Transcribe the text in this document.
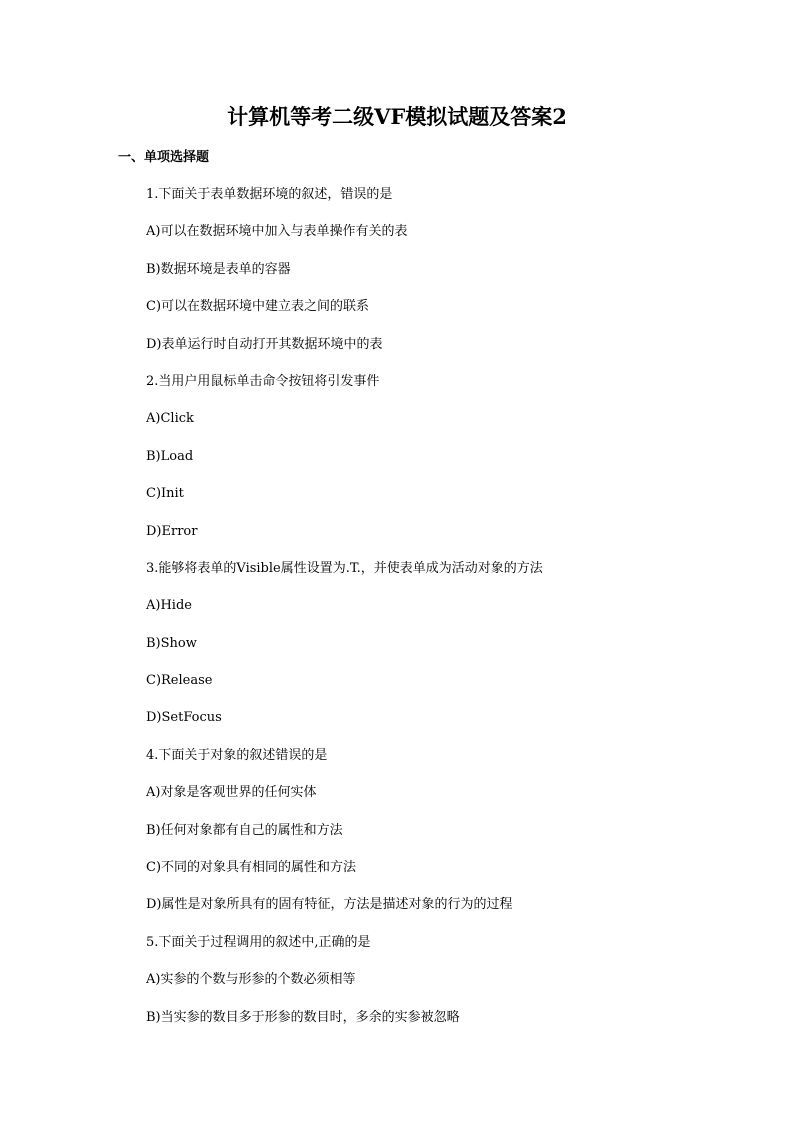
计算机等考二级VF模拟试题及答案2
一、单项选择题
1.下面关于表单数据环境的叙述，错误的是
A)可以在数据环境中加入与表单操作有关的表
B)数据环境是表单的容器
C)可以在数据环境中建立表之间的联系
D)表单运行时自动打开其数据环境中的表
2.当用户用鼠标单击命令按钮将引发事件
A)Click
B)Load
C)Init
D)Error
3.能够将表单的Visible属性设置为.T.，并使表单成为活动对象的方法
A)Hide
B)Show
C)Release
D)SetFocus
4.下面关于对象的叙述错误的是
A)对象是客观世界的任何实体
B)任何对象都有自己的属性和方法
C)不同的对象具有相同的属性和方法
D)属性是对象所具有的固有特征，方法是描述对象的行为的过程
5.下面关于过程调用的叙述中,正确的是
A)实参的个数与形参的个数必须相等
B)当实参的数目多于形参的数目时，多余的实参被忽略
